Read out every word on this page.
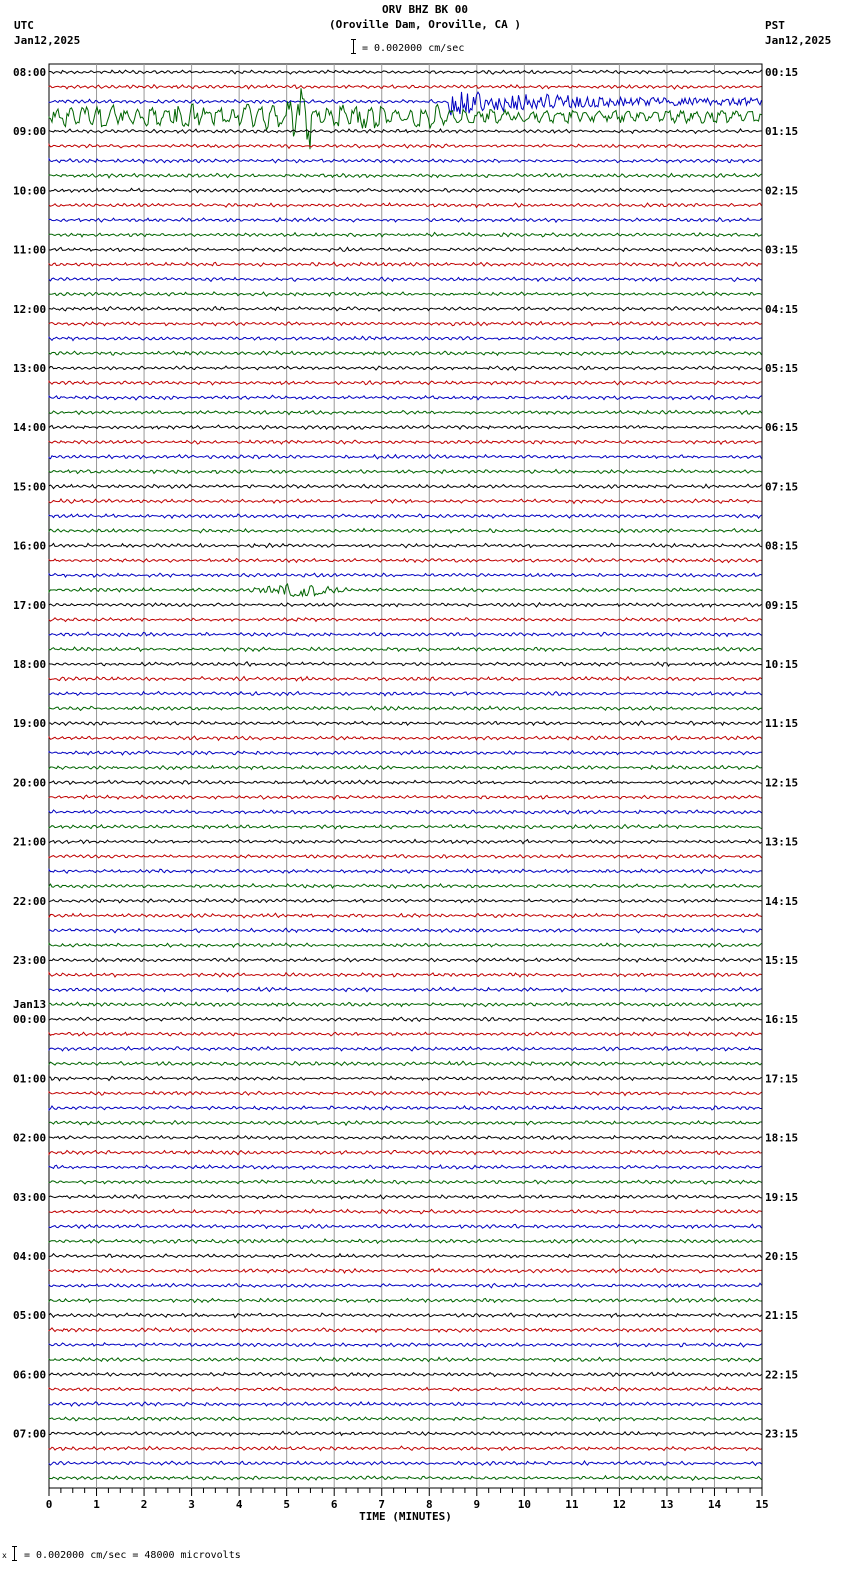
ORV BHZ BK 00
(Oroville Dam, Oroville, CA )
= 0.002000 cm/sec
UTC
Jan12,2025
PST
Jan12,2025
0	1	2	3	4	5	6	7	8	9	10	11	12	13	14	15
TIME (MINUTES)
08:00
09:00
10:00
11:00
12:00
13:00
14:00
15:00
16:00
17:00
18:00
19:00
20:00
21:00
22:00
23:00
00:00
01:00
02:00
03:00
04:00
05:00
06:00
07:00
Jan13
00:15
01:15
02:15
03:15
04:15
05:15
06:15
07:15
08:15
09:15
10:15
11:15
12:15
13:15
14:15
15:15
16:15
17:15
18:15
19:15
20:15
21:15
22:15
23:15
x = 0.002000 cm/sec = 48000 microvolts
